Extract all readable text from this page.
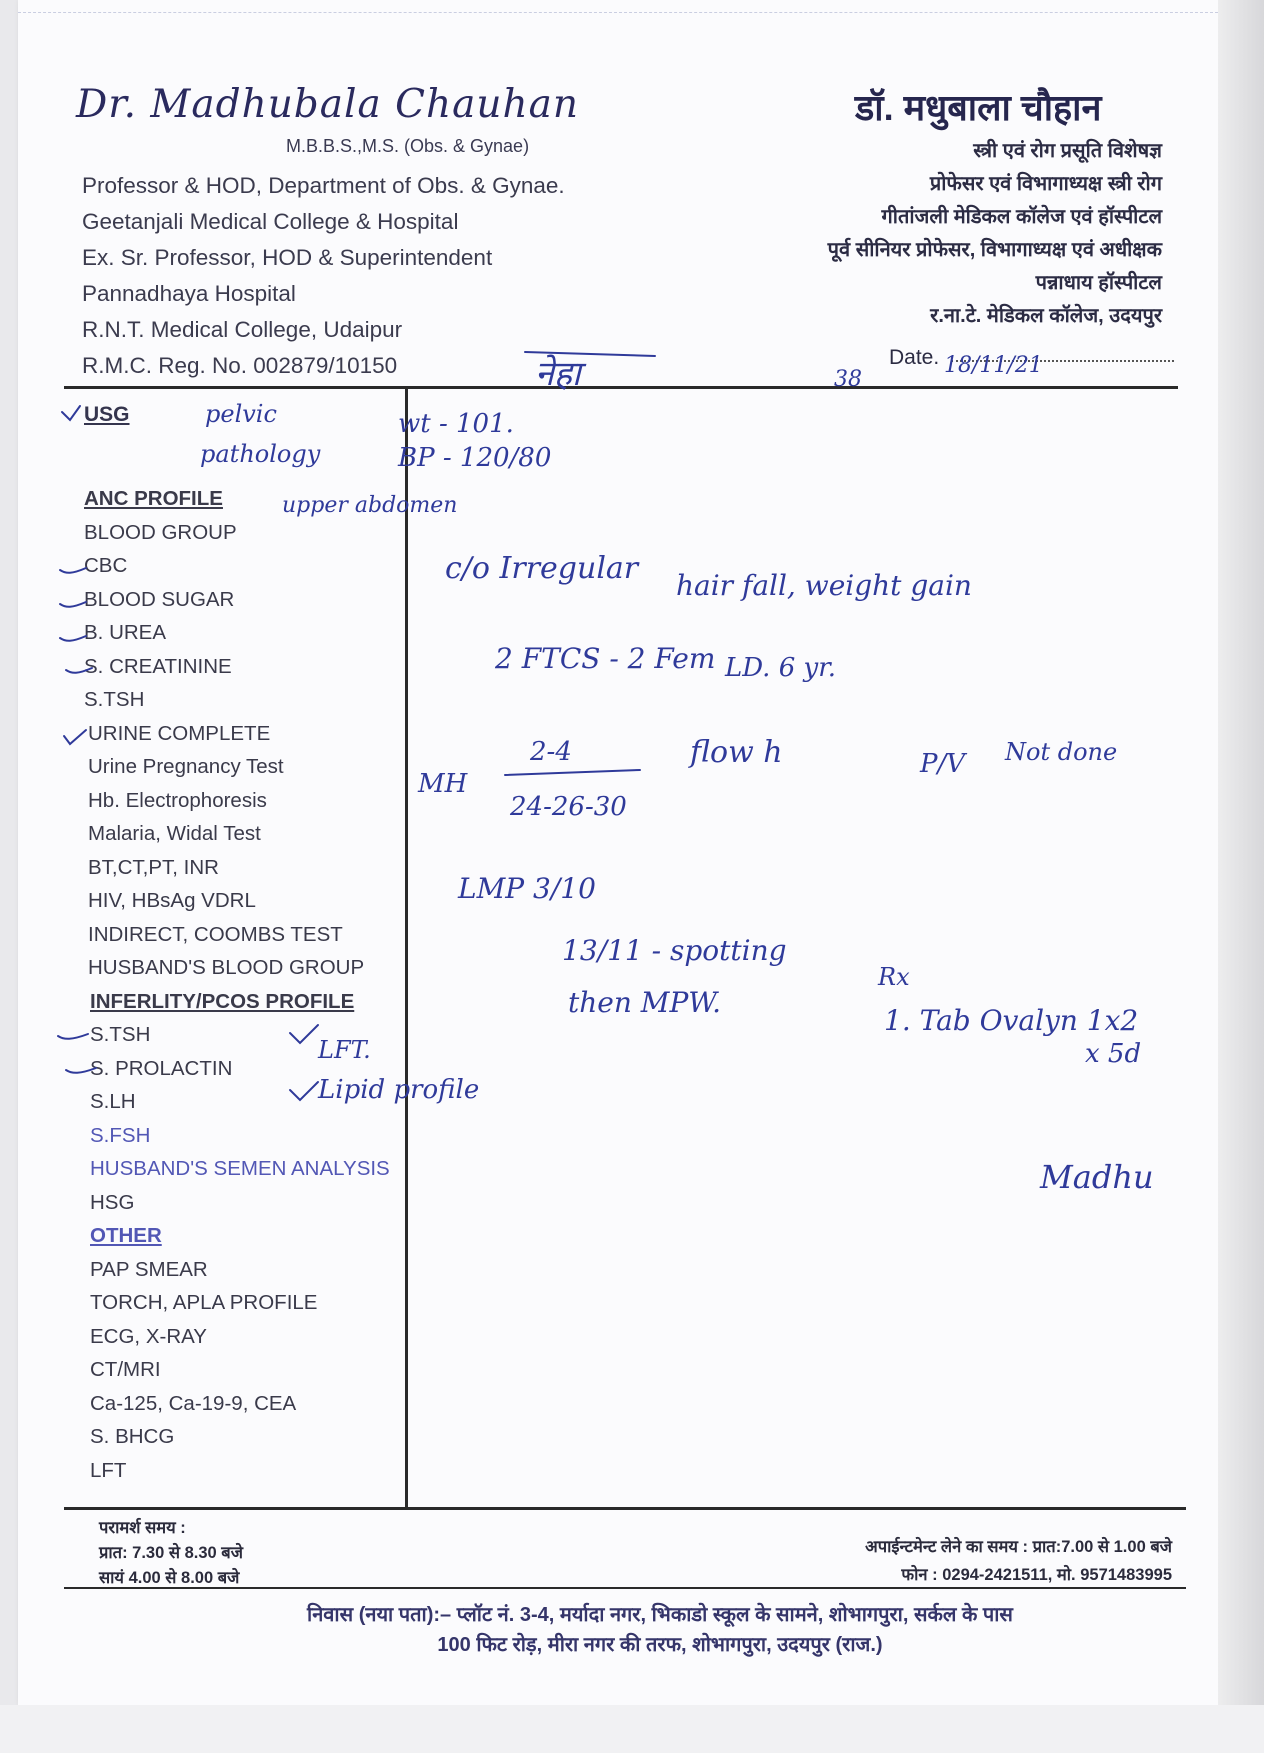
Dr. Madhubala Chauhan
M.B.B.S.,M.S. (Obs. & Gynae)
Professor & HOD, Department of Obs. & Gynae.
Geetanjali Medical College & Hospital
Ex. Sr. Professor, HOD & Superintendent
Pannadhaya Hospital
R.N.T. Medical College, Udaipur
R.M.C. Reg. No. 002879/10150
डॉ. मधुबाला चौहान
स्त्री एवं रोग प्रसूति विशेषज्ञ
प्रोफेसर एवं विभागाध्यक्ष स्त्री रोग
गीतांजली मेडिकल कॉलेज एवं हॉस्पीटल
पूर्व सीनियर प्रोफेसर, विभागाध्यक्ष एवं अधीक्षक
पन्नाधाय हॉस्पीटल
र.ना.टे. मेडिकल कॉलेज, उदयपुर
Date.
USG
ANC PROFILE
BLOOD GROUP
CBC
BLOOD SUGAR
B. UREA
S. CREATININE
S.TSH
URINE COMPLETE
Urine Pregnancy Test
Hb. Electrophoresis
Malaria, Widal Test
BT,CT,PT, INR
HIV, HBsAg VDRL
INDIRECT, COOMBS TEST
HUSBAND'S BLOOD GROUP
INFERLITY/PCOS PROFILE
S.TSH
S. PROLACTIN
S.LH
S.FSH
HUSBAND'S SEMEN ANALYSIS
HSG
OTHER
PAP SMEAR
TORCH, APLA PROFILE
ECG, X-RAY
CT/MRI
Ca-125, Ca-19-9, CEA
S. BHCG
LFT
नेहा	38
18/11/21
pelvic
pathology
upper abdomen
wt - 101.
BP - 120/80
c/o Irregular hair fall, weight gain
2 FTCS - 2 Fem LD. 6 yr.
MH
2-4
24-26-30
flow h	P/V Not done
LMP 3/10
13/11 - spotting
then MPW.
Rx
1. Tab Ovalyn 1x2
x 5d
LFT.
Lipid profile
Madhu
परामर्श समय :
प्रात: 7.30 से 8.30 बजे
सायं 4.00 से 8.00 बजे
अपाईन्टमेन्ट लेने का समय : प्रात:7.00 से 1.00 बजे
फोन : 0294-2421511, मो. 9571483995
निवास (नया पता):– प्लॉट नं. 3-4, मर्यादा नगर, भिकाडो स्कूल के सामने, शोभागपुरा, सर्कल के पास
100 फिट रोड़, मीरा नगर की तरफ, शोभागपुरा, उदयपुर (राज.)
